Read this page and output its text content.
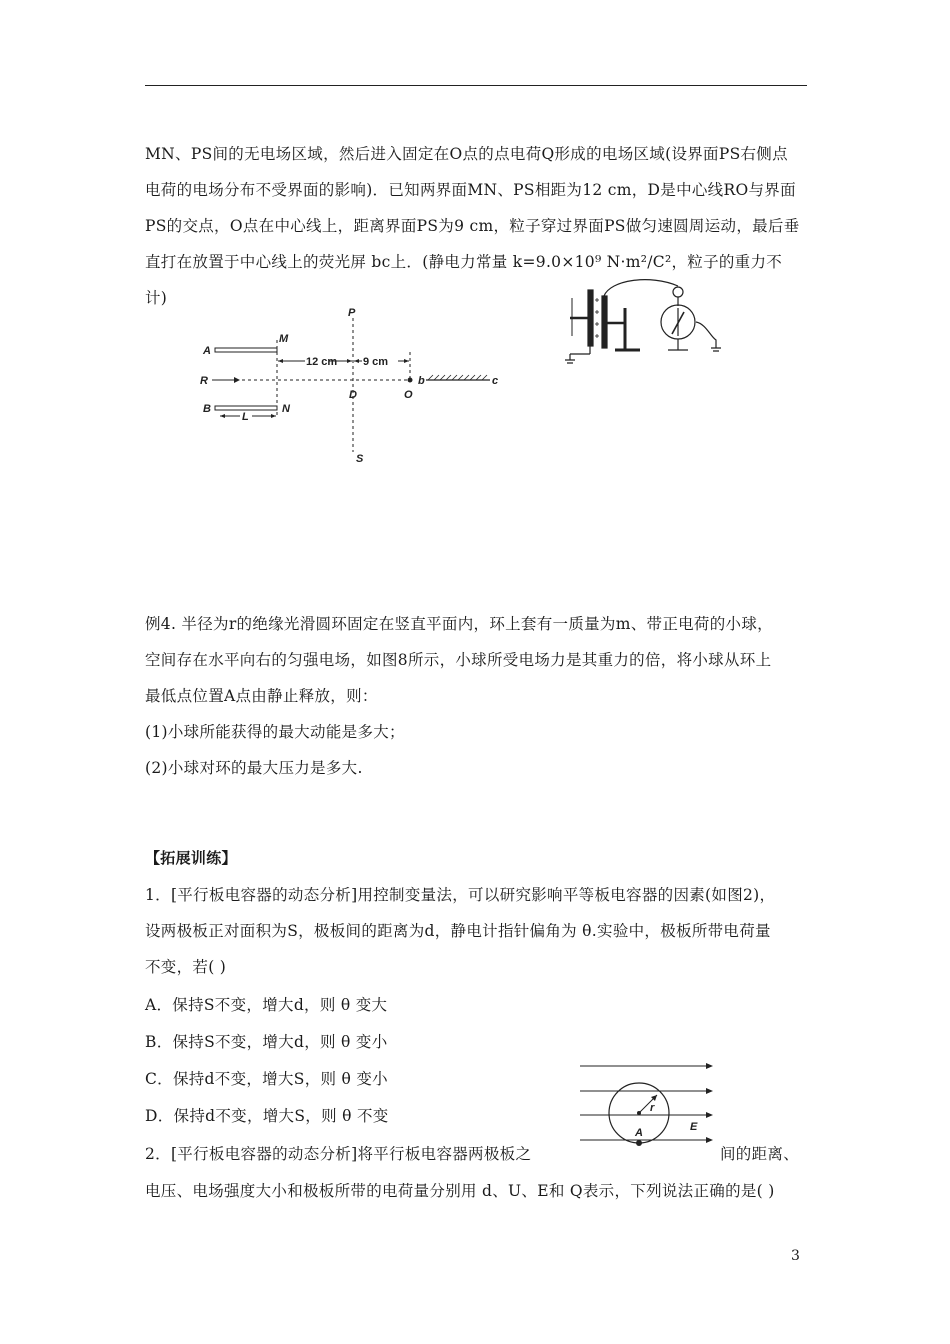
MN、PS间的无电场区域，然后进入固定在O点的点电荷Q形成的电场区域(设界面PS右侧点
电荷的电场分布不受界面的影响)．已知两界面MN、PS相距为12 cm，D是中心线RO与界面
PS的交点，O点在中心线上，距离界面PS为9 cm，粒子穿过界面PS做匀速圆周运动，最后垂
直打在放置于中心线上的荧光屏 bc上．(静电力常量 k=9.0×10⁹ N·m²/C²，粒子的重力不
计)
A
B
M
N
P
S
R
D	O
b	c
L
12 cm 9 cm
例4. 半径为r的绝缘光滑圆环固定在竖直平面内，环上套有一质量为m、带正电荷的小球，
空间存在水平向右的匀强电场，如图8所示，小球所受电场力是其重力的倍，将小球从环上
最低点位置A点由静止释放，则：
(1)小球所能获得的最大动能是多大；
(2)小球对环的最大压力是多大.
【拓展训练】
1．[平行板电容器的动态分析]用控制变量法，可以研究影响平等板电容器的因素(如图2)，
设两极板正对面积为S，极板间的距离为d，静电计指针偏角为 θ.实验中，极板所带电荷量
不变，若( )
A．保持S不变，增大d，则 θ 变大
B．保持S不变，增大d，则 θ 变小
C．保持d不变，增大S，则 θ 变小
D．保持d不变，增大S，则 θ 不变
2．[平行板电容器的动态分析]将平行板电容器两极板之	间的距离、
电压、电场强度大小和极板所带的电荷量分别用 d、U、E和 Q表示，下列说法正确的是( )
r
E
A
3
